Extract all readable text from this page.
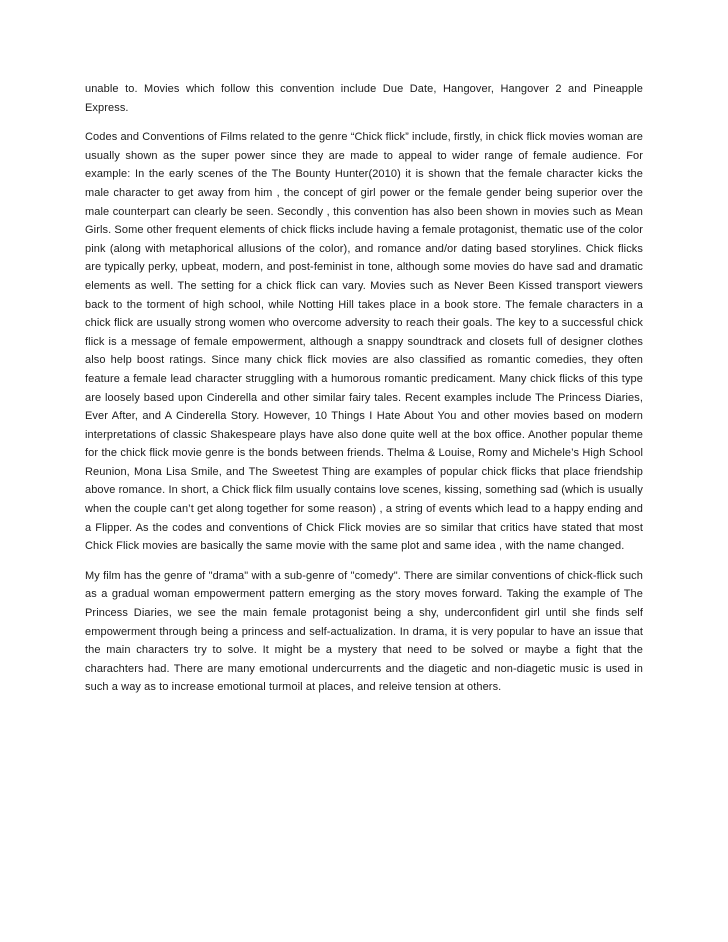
unable to. Movies which follow this convention include Due Date, Hangover, Hangover 2 and Pineapple Express.

Codes and Conventions of Films related to the genre “Chick flick” include, firstly, in chick flick movies woman are usually shown as the super power since they are made to appeal to wider range of female audience. For example: In the early scenes of the The Bounty Hunter(2010) it is shown that the female character kicks the male character to get away from him , the concept of girl power or the female gender being superior over the male counterpart can clearly be seen. Secondly , this convention has also been shown in movies such as Mean Girls. Some other frequent elements of chick flicks include having a female protagonist, thematic use of the color pink (along with metaphorical allusions of the color), and romance and/or dating based storylines. Chick flicks are typically perky, upbeat, modern, and post-feminist in tone, although some movies do have sad and dramatic elements as well. The setting for a chick flick can vary. Movies such as Never Been Kissed transport viewers back to the torment of high school, while Notting Hill takes place in a book store. The female characters in a chick flick are usually strong women who overcome adversity to reach their goals. The key to a successful chick flick is a message of female empowerment, although a snappy soundtrack and closets full of designer clothes also help boost ratings. Since many chick flick movies are also classified as romantic comedies, they often feature a female lead character struggling with a humorous romantic predicament. Many chick flicks of this type are loosely based upon Cinderella and other similar fairy tales. Recent examples include The Princess Diaries, Ever After, and A Cinderella Story. However, 10 Things I Hate About You and other movies based on modern interpretations of classic Shakespeare plays have also done quite well at the box office. Another popular theme for the chick flick movie genre is the bonds between friends. Thelma & Louise, Romy and Michele’s High School Reunion, Mona Lisa Smile, and The Sweetest Thing are examples of popular chick flicks that place friendship above romance. In short, a Chick flick film usually contains love scenes, kissing, something sad (which is usually when the couple can’t get along together for some reason) , a string of events which lead to a happy ending and a Flipper. As the codes and conventions of Chick Flick movies are so similar that critics have stated that most Chick Flick movies are basically the same movie with the same plot and same idea , with the name changed.

My film has the genre of "drama" with a sub-genre of "comedy". There are similar conventions of chick-flick such as a gradual woman empowerment pattern emerging as the story moves forward. Taking the example of The Princess Diaries, we see the main female protagonist being a shy, underconfident girl until she finds self empowerment through being a princess and self-actualization. In drama, it is very popular to have an issue that the main characters try to solve. It might be a mystery that need to be solved or maybe a fight that the charachters had. There are many emotional undercurrents and the diagetic and non-diagetic music is used in such a way as to increase emotional turmoil at places, and releive tension at others.
